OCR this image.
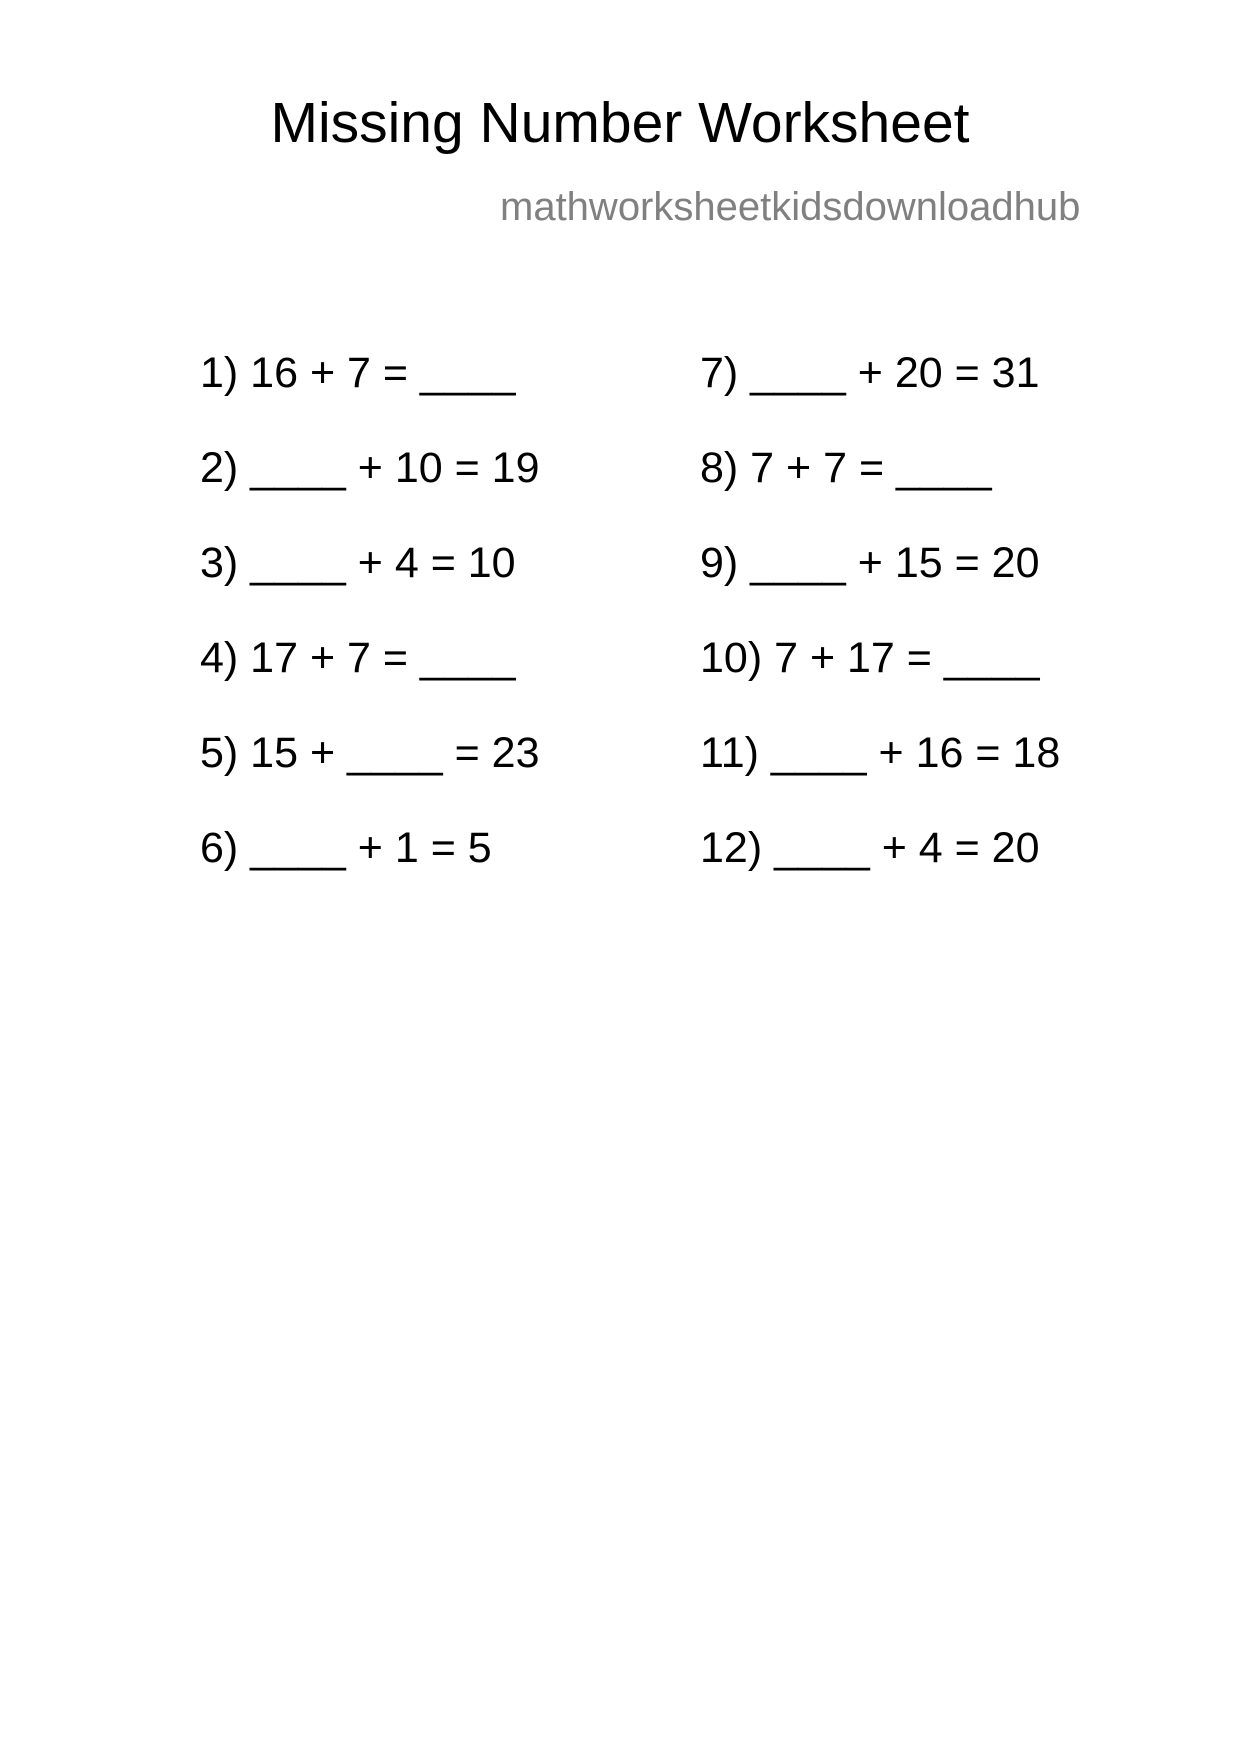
Missing Number Worksheet
mathworksheetkidsdownloadhub
1) 16 + 7 = ____
2) ____ + 10 = 19
3) ____ + 4 = 10
4) 17 + 7 = ____
5) 15 + ____ = 23
6) ____ + 1 = 5
7) ____ + 20 = 31
8) 7 + 7 = ____
9) ____ + 15 = 20
10) 7 + 17 = ____
11) ____ + 16 = 18
12) ____ + 4 = 20
